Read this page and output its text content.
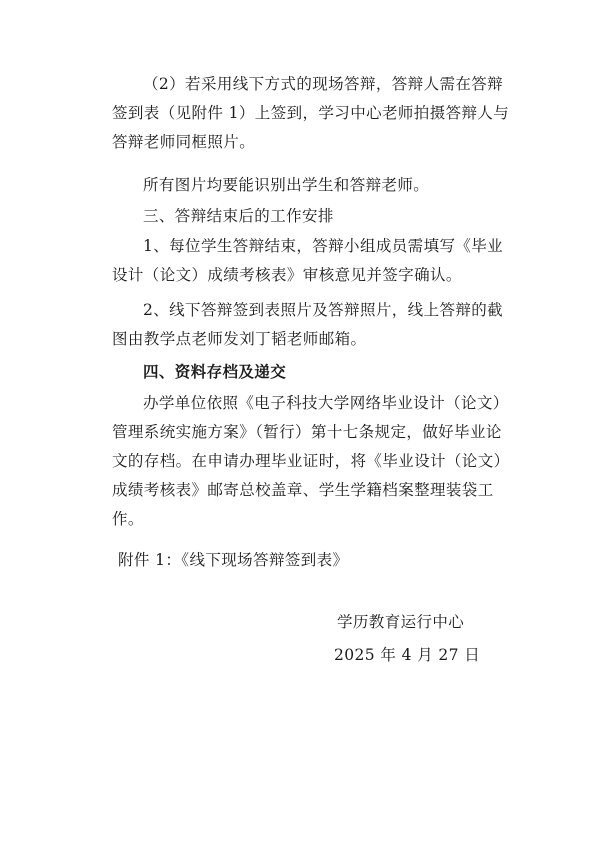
（2）若采用线下方式的现场答辩，答辩人需在答辩签到表（见附件 1）上签到，学习中心老师拍摄答辩人与答辩老师同框照片。

所有图片均要能识别出学生和答辩老师。

三、答辩结束后的工作安排

1、每位学生答辩结束，答辩小组成员需填写《毕业设计（论文）成绩考核表》审核意见并签字确认。

2、线下答辩签到表照片及答辩照片，线上答辩的截图由教学点老师发刘丁韬老师邮箱。

四、资料存档及递交

办学单位依照《电子科技大学网络毕业设计（论文）管理系统实施方案》（暂行）第十七条规定，做好毕业论文的存档。在申请办理毕业证时，将《毕业设计（论文）成绩考核表》邮寄总校盖章、学生学籍档案整理装袋工作。

附件 1：《线下现场答辩签到表》

学历教育运行中心

2025 年 4 月 27 日
